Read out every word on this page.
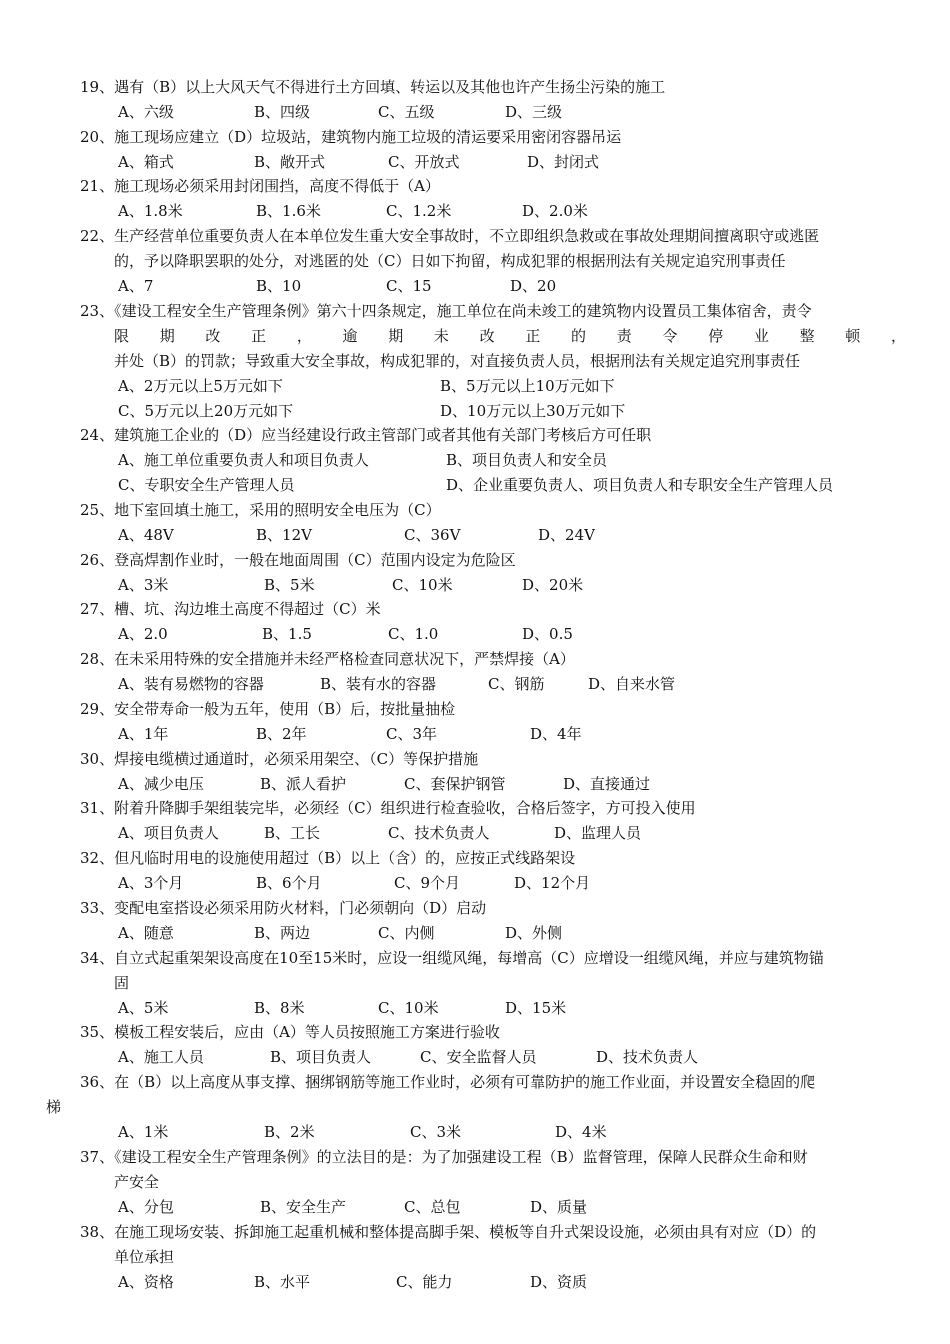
19、遇有（B）以上大风天气不得进行土方回填、转运以及其他也许产生扬尘污染的施工
A、六级	B、四级	C、五级	D、三级
20、施工现场应建立（D）垃圾站，建筑物内施工垃圾的清运要采用密闭容器吊运
A、箱式	B、敞开式	C、开放式	D、封闭式
21、施工现场必须采用封闭围挡，高度不得低于（A）
A、1.8米	B、1.6米	C、1.2米	D、2.0米
22、生产经营单位重要负责人在本单位发生重大安全事故时，不立即组织急救或在事故处理期间擅离职守或逃匿
的，予以降职罢职的处分，对逃匿的处（C）日如下拘留，构成犯罪的根据刑法有关规定追究刑事责任
A、7	B、10	C、15	D、20
23、《建设工程安全生产管理条例》第六十四条规定，施工单位在尚未竣工的建筑物内设置员工集体宿舍，责令
限期改正，逾期未改正的责令停业整顿，
并处（B）的罚款；导致重大安全事故，构成犯罪的，对直接负责人员，根据刑法有关规定追究刑事责任
A、2万元以上5万元如下	B、5万元以上10万元如下
C、5万元以上20万元如下	D、10万元以上30万元如下
24、建筑施工企业的（D）应当经建设行政主管部门或者其他有关部门考核后方可任职
A、施工单位重要负责人和项目负责人	B、项目负责人和安全员
C、专职安全生产管理人员	D、企业重要负责人、项目负责人和专职安全生产管理人员
25、地下室回填土施工，采用的照明安全电压为（C）
A、48V	B、12V	C、36V	D、24V
26、登高焊割作业时，一般在地面周围（C）范围内设定为危险区
A、3米	B、5米	C、10米	D、20米
27、槽、坑、沟边堆土高度不得超过（C）米
A、2.0	B、1.5	C、1.0	D、0.5
28、在未采用特殊的安全措施并未经严格检查同意状况下，严禁焊接（A）
A、装有易燃物的容器	B、装有水的容器	C、钢筋	D、自来水管
29、安全带寿命一般为五年，使用（B）后，按批量抽检
A、1年	B、2年	C、3年	D、4年
30、焊接电缆横过通道时，必须采用架空、（C）等保护措施
A、减少电压	B、派人看护	C、套保护钢管	D、直接通过
31、附着升降脚手架组装完毕，必须经（C）组织进行检查验收，合格后签字，方可投入使用
A、项目负责人	B、工长	C、技术负责人	D、监理人员
32、但凡临时用电的设施使用超过（B）以上（含）的，应按正式线路架设
A、3个月	B、6个月	C、9个月	D、12个月
33、变配电室搭设必须采用防火材料，门必须朝向（D）启动
A、随意	B、两边	C、内侧	D、外侧
34、自立式起重架架设高度在10至15米时，应设一组缆风绳，每增高（C）应增设一组缆风绳，并应与建筑物锚
固
A、5米	B、8米	C、10米	D、15米
35、模板工程安装后，应由（A）等人员按照施工方案进行验收
A、施工人员	B、项目负责人	C、安全监督人员	D、技术负责人
36、在（B）以上高度从事支撑、捆绑钢筋等施工作业时，必须有可靠防护的施工作业面，并设置安全稳固的爬
梯
A、1米	B、2米	C、3米	D、4米
37、《建设工程安全生产管理条例》的立法目的是：为了加强建设工程（B）监督管理，保障人民群众生命和财
产安全
A、分包	B、安全生产	C、总包	D、质量
38、在施工现场安装、拆卸施工起重机械和整体提高脚手架、模板等自升式架设设施，必须由具有对应（D）的
单位承担
A、资格	B、水平	C、能力	D、资质
